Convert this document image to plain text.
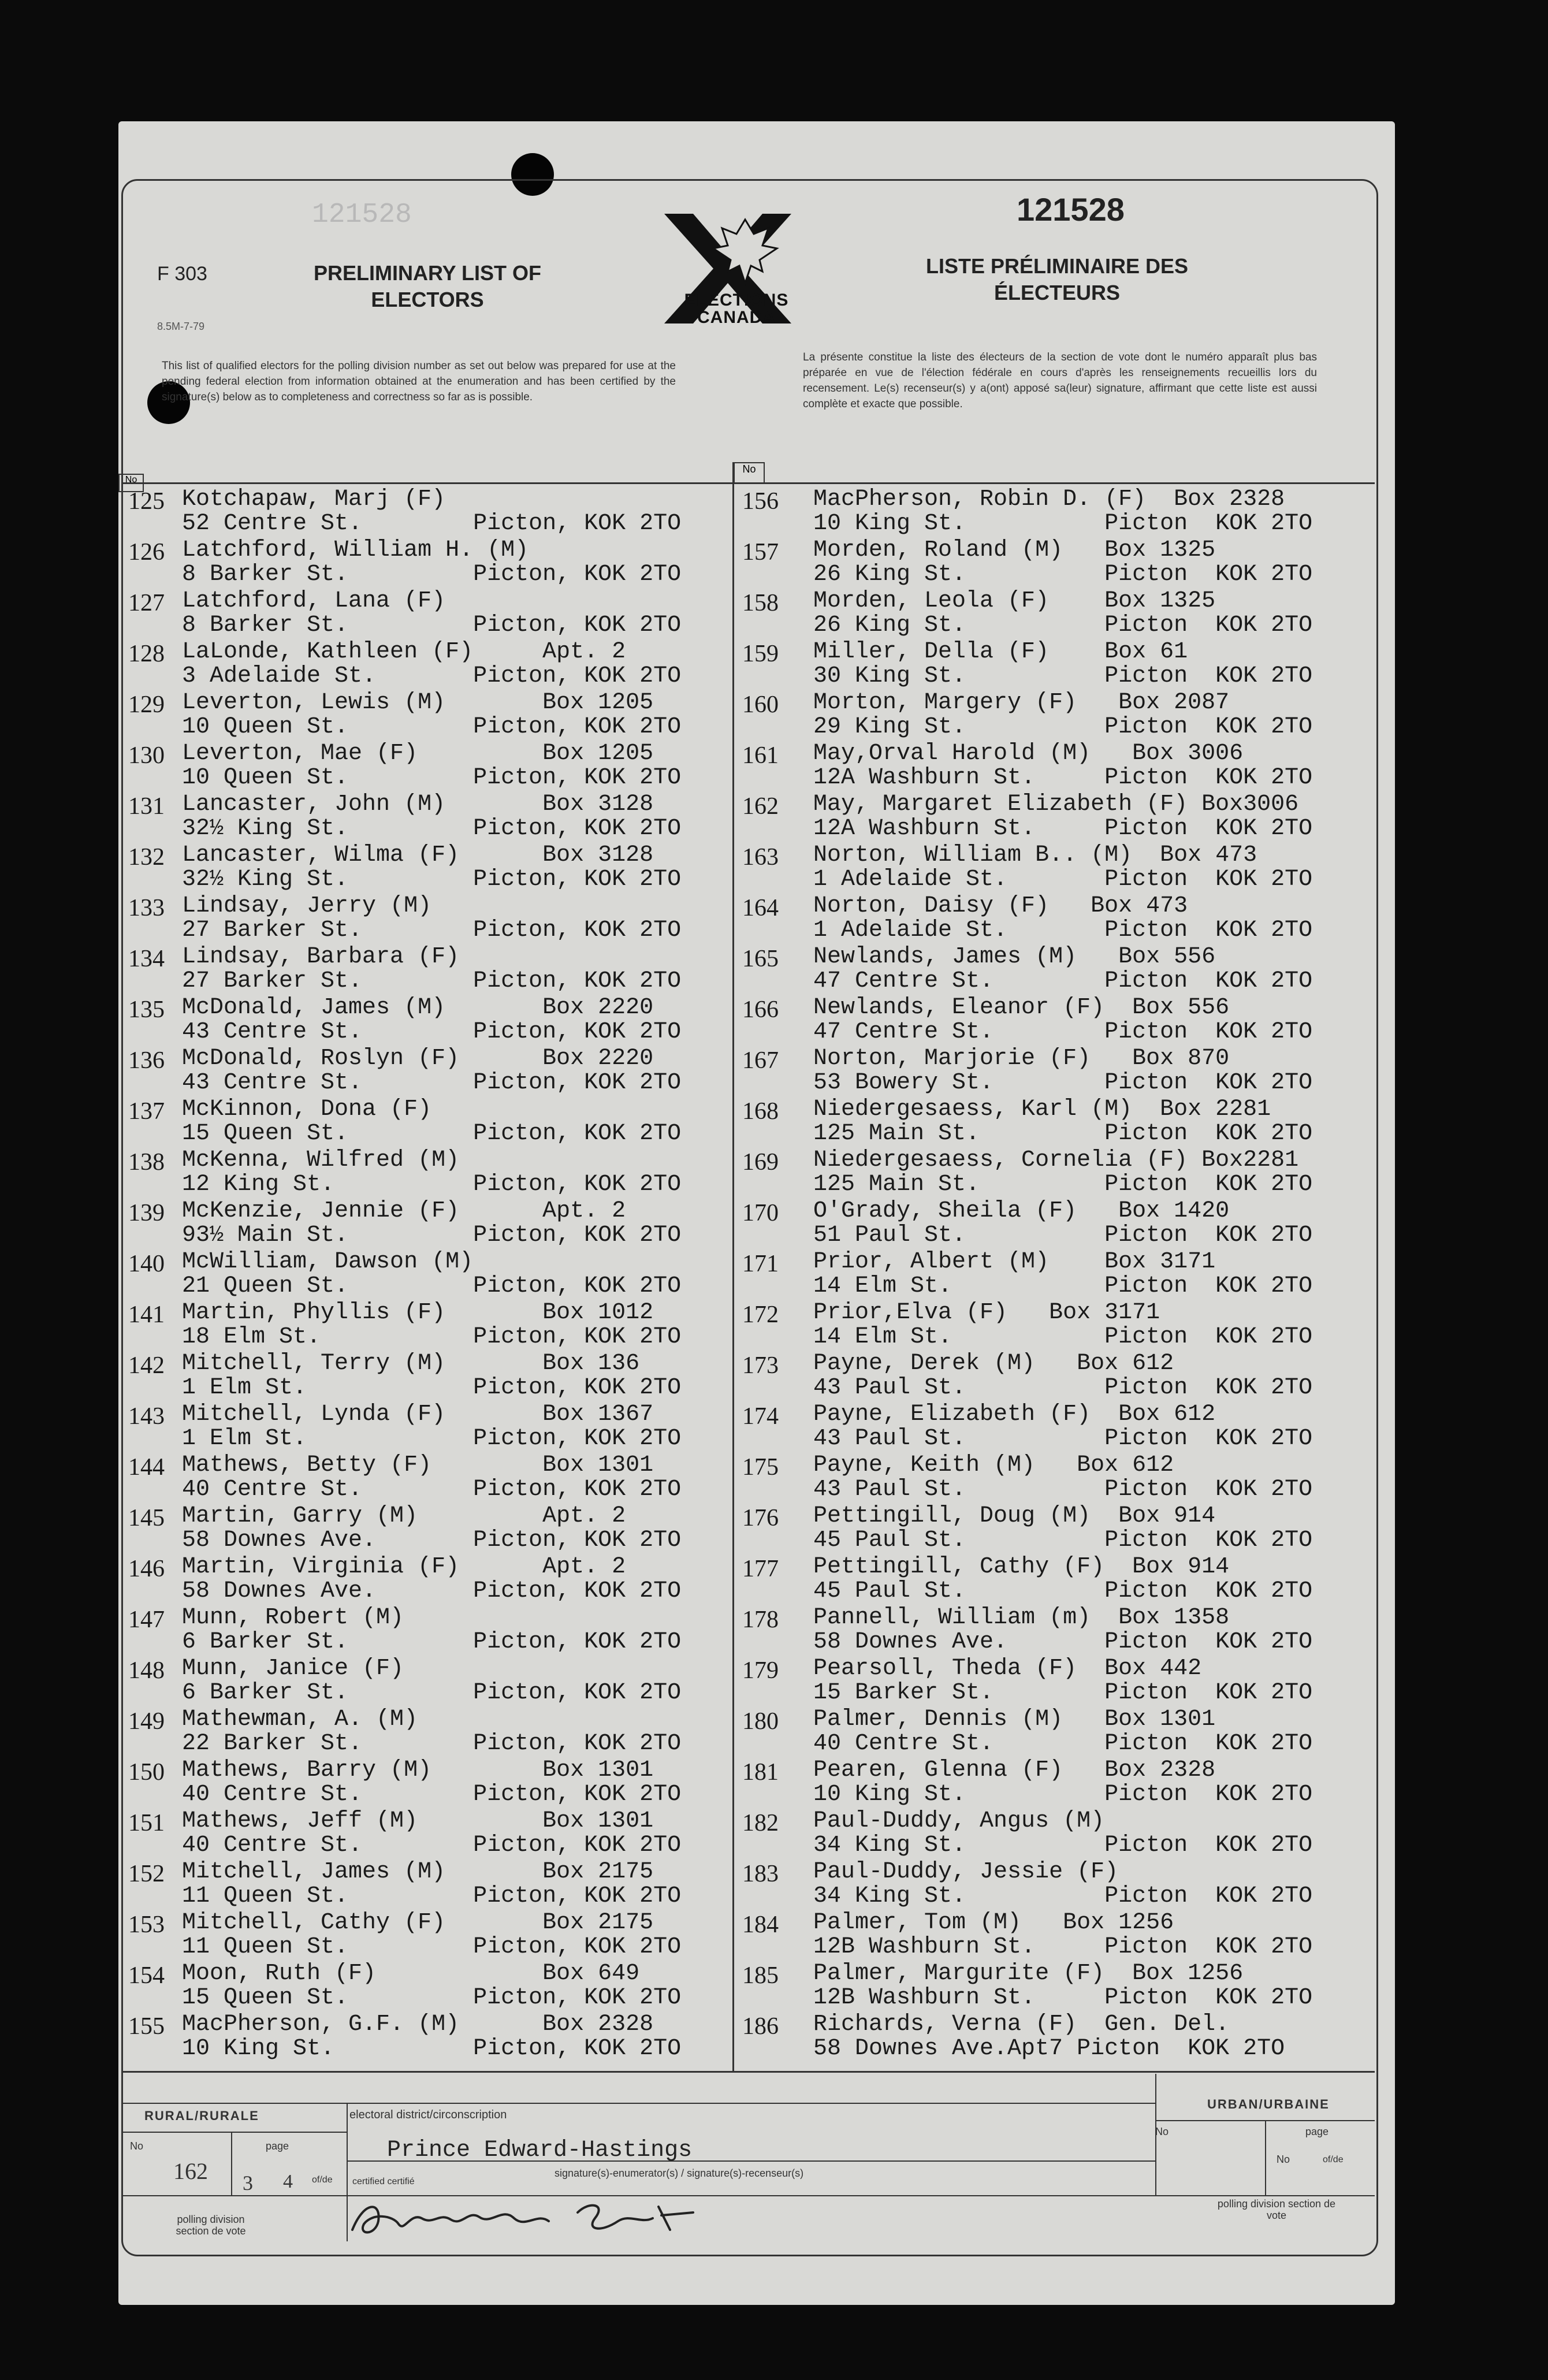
121528
F 303	PRELIMINARY LIST OF ELECTORS
121528
LISTE PRÉLIMINAIRE DES ÉLECTEURS
8.5M-7-79
ELECTIONS CANADA
This list of qualified electors for the polling division number as set out below was prepared for use at the pending federal election from information obtained at the enumeration and has been certified by the signature(s) below as to completeness and correctness so far as is possible.
La présente constitue la liste des électeurs de la section de vote dont le numéro apparaît plus bas préparée en vue de l'élection fédérale en cours d'après les renseignements recueillis lors du recensement. Le(s) recenseur(s) y a(ont) apposé sa(leur) signature, affirmant que cette liste est aussi complète et exacte que possible.
No
No
125 Kotchapaw, Marj (F)
52 Centre St.        Picton, KOK 2TO
126 Latchford, William H. (M)
8 Barker St.         Picton, KOK 2TO
127 Latchford, Lana (F)
8 Barker St.         Picton, KOK 2TO
128 LaLonde, Kathleen (F)     Apt. 2
3 Adelaide St.       Picton, KOK 2TO
129 Leverton, Lewis (M)       Box 1205
10 Queen St.         Picton, KOK 2TO
130 Leverton, Mae (F)         Box 1205
10 Queen St.         Picton, KOK 2TO
131 Lancaster, John (M)       Box 3128
32½ King St.         Picton, KOK 2TO
132 Lancaster, Wilma (F)      Box 3128
32½ King St.         Picton, KOK 2TO
133 Lindsay, Jerry (M)
27 Barker St.        Picton, KOK 2TO
134 Lindsay, Barbara (F)
27 Barker St.        Picton, KOK 2TO
135 McDonald, James (M)       Box 2220
43 Centre St.        Picton, KOK 2TO
136 McDonald, Roslyn (F)      Box 2220
43 Centre St.        Picton, KOK 2TO
137 McKinnon, Dona (F)
15 Queen St.         Picton, KOK 2TO
138 McKenna, Wilfred (M)
12 King St.          Picton, KOK 2TO
139 McKenzie, Jennie (F)      Apt. 2
93½ Main St.         Picton, KOK 2TO
140 McWilliam, Dawson (M)
21 Queen St.         Picton, KOK 2TO
141 Martin, Phyllis (F)       Box 1012
18 Elm St.           Picton, KOK 2TO
142 Mitchell, Terry (M)       Box 136
1 Elm St.            Picton, KOK 2TO
143 Mitchell, Lynda (F)       Box 1367
1 Elm St.            Picton, KOK 2TO
144 Mathews, Betty (F)        Box 1301
40 Centre St.        Picton, KOK 2TO
145 Martin, Garry (M)         Apt. 2
58 Downes Ave.       Picton, KOK 2TO
146 Martin, Virginia (F)      Apt. 2
58 Downes Ave.       Picton, KOK 2TO
147 Munn, Robert (M)
6 Barker St.         Picton, KOK 2TO
148 Munn, Janice (F)
6 Barker St.         Picton, KOK 2TO
149 Mathewman, A. (M)
22 Barker St.        Picton, KOK 2TO
150 Mathews, Barry (M)        Box 1301
40 Centre St.        Picton, KOK 2TO
151 Mathews, Jeff (M)         Box 1301
40 Centre St.        Picton, KOK 2TO
152 Mitchell, James (M)       Box 2175
11 Queen St.         Picton, KOK 2TO
153 Mitchell, Cathy (F)       Box 2175
11 Queen St.         Picton, KOK 2TO
154 Moon, Ruth (F)            Box 649
15 Queen St.         Picton, KOK 2TO
155 MacPherson, G.F. (M)      Box 2328
10 King St.          Picton, KOK 2TO
156 MacPherson, Robin D. (F)  Box 2328
10 King St.          Picton  KOK 2TO
157 Morden, Roland (M)   Box 1325
26 King St.          Picton  KOK 2TO
158 Morden, Leola (F)    Box 1325
26 King St.          Picton  KOK 2TO
159 Miller, Della (F)    Box 61
30 King St.          Picton  KOK 2TO
160 Morton, Margery (F)   Box 2087
29 King St.          Picton  KOK 2TO
161 May,Orval Harold (M)   Box 3006
12A Washburn St.     Picton  KOK 2TO
162 May, Margaret Elizabeth (F) Box3006
12A Washburn St.     Picton  KOK 2TO
163 Norton, William B.. (M)  Box 473
1 Adelaide St.       Picton  KOK 2TO
164 Norton, Daisy (F)   Box 473
1 Adelaide St.       Picton  KOK 2TO
165 Newlands, James (M)   Box 556
47 Centre St.        Picton  KOK 2TO
166 Newlands, Eleanor (F)  Box 556
47 Centre St.        Picton  KOK 2TO
167 Norton, Marjorie (F)   Box 870
53 Bowery St.        Picton  KOK 2TO
168 Niedergesaess, Karl (M)  Box 2281
125 Main St.         Picton  KOK 2TO
169 Niedergesaess, Cornelia (F) Box2281
125 Main St.         Picton  KOK 2TO
170 O'Grady, Sheila (F)   Box 1420
51 Paul St.          Picton  KOK 2TO
171 Prior, Albert (M)    Box 3171
14 Elm St.           Picton  KOK 2TO
172 Prior,Elva (F)   Box 3171
14 Elm St.           Picton  KOK 2TO
173 Payne, Derek (M)   Box 612
43 Paul St.          Picton  KOK 2TO
174 Payne, Elizabeth (F)  Box 612
43 Paul St.          Picton  KOK 2TO
175 Payne, Keith (M)   Box 612
43 Paul St.          Picton  KOK 2TO
176 Pettingill, Doug (M)  Box 914
45 Paul St.          Picton  KOK 2TO
177 Pettingill, Cathy (F)  Box 914
45 Paul St.          Picton  KOK 2TO
178 Pannell, William (m)  Box 1358
58 Downes Ave.       Picton  KOK 2TO
179 Pearsoll, Theda (F)  Box 442
15 Barker St.        Picton  KOK 2TO
180 Palmer, Dennis (M)   Box 1301
40 Centre St.        Picton  KOK 2TO
181 Pearen, Glenna (F)   Box 2328
10 King St.          Picton  KOK 2TO
182 Paul-Duddy, Angus (M)
34 King St.          Picton  KOK 2TO
183 Paul-Duddy, Jessie (F)
34 King St.          Picton  KOK 2TO
184 Palmer, Tom (M)   Box 1256
12B Washburn St.     Picton  KOK 2TO
185 Palmer, Margurite (F)  Box 1256
12B Washburn St.     Picton  KOK 2TO
186 Richards, Verna (F)  Gen. Del.
58 Downes Ave.Apt7 Picton  KOK 2TO
RURAL/RURALE	electoral district/circonscription
Prince Edward-Hastings
No
162
page
3 4 of/de certified certifié
signature(s)-enumerator(s) / signature(s)-recenseur(s)
polling division section de vote
URBAN/URBAINE
No	page
No	of/de
polling division section de vote
